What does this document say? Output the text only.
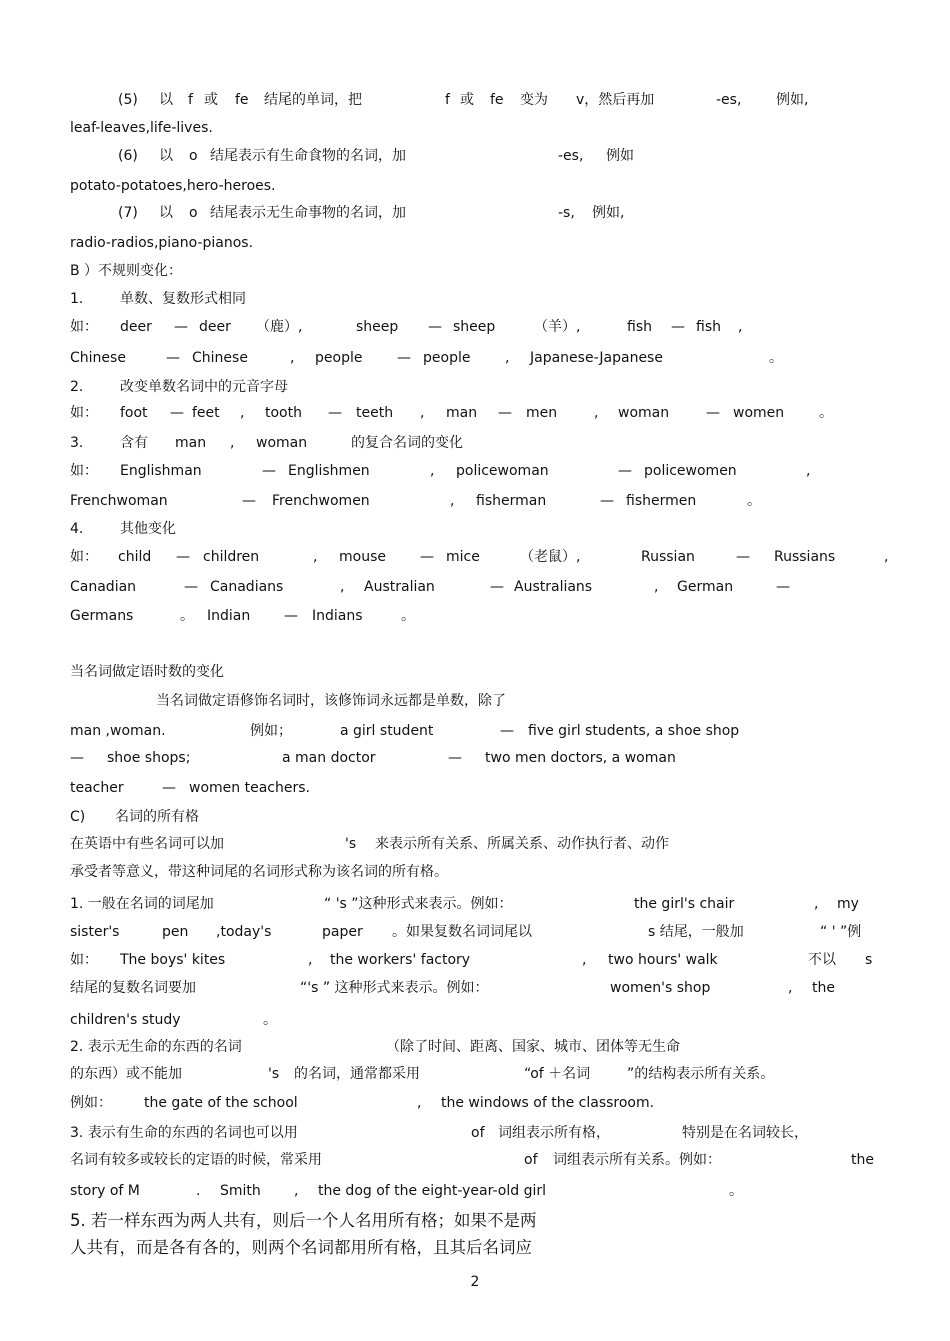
(5) 以 f 或 fe 结尾的单词，把	f 或 fe 变为 v，然后再加	-es, 例如,
leaf-leaves,life-lives.
(6) 以 o 结尾表示有生命食物的名词，加	-es, 例如
potato-potatoes,hero-heroes.
(7) 以 o 结尾表示无生命事物的名词，加	-s, 例如,
radio-radios,piano-pianos.
B ）不规则变化：
1.	单数、复数形式相同
如： deer — deer （鹿）,	sheep — sheep	（羊）,	fish — fish ,
Chinese	— Chinese	, people — people , Japanese-Japanese	。
2.	改变单数名词中的元音字母
如： foot — feet , tooth — teeth , man — men	, woman	— women 。
3.	含有 man , woman	的复合名词的变化
如： Englishman	— Englishmen	, policewoman	— policewomen	,
Frenchwoman	— Frenchwomen	, fisherman	— fishermen	。
4.	其他变化
如： child — children	, mouse — mice	（老鼠）,	Russian	— Russians	,
Canadian	— Canadians	, Australian	— Australians	, German	—
Germans	。 Indian — Indians	。
当名词做定语时数的变化
当名词做定语修饰名词时，该修饰词永远都是单数，除了
man ,woman.	例如；	a girl student	— five girl students, a shoe shop
— shoe shops;	a man doctor	— two men doctors, a woman
teacher	— women teachers.
C) 名词的所有格
在英语中有些名词可以加	's 来表示所有关系、所属关系、动作执行者、动作
承受者等意义，带这种词尾的名词形式称为该名词的所有格。
1. 一般在名词的词尾加	“ 's ”这种形式来表示。例如：	the girl's chair	, my
sister's	pen ,today's	paper 。如果复数名词词尾以	s 结尾，一般加	“ ' ”例
如： The boys' kites	, the workers' factory	, two hours' walk	不以 s
结尾的复数名词要加	“'s ” 这种形式来表示。例如：	women's shop	, the
children's study	。
2. 表示无生命的东西的名词	（除了时间、距离、国家、城市、团体等无生命
的东西）或不能加	's 的名词，通常都采用	“of ＋名词	”的结构表示所有关系。
例如： the gate of the school	, the windows of the classroom.
3. 表示有生命的东西的名词也可以用	of 词组表示所有格，	特别是在名词较长，
名词有较多或较长的定语的时候，常采用	of 词组表示所有关系。例如：	the
story of M	. Smith , the dog of the eight-year-old girl	。
5. 若一样东西为两人共有，则后一个人名用所有格；如果不是两
人共有，而是各有各的，则两个名词都用所有格，且其后名词应
2
